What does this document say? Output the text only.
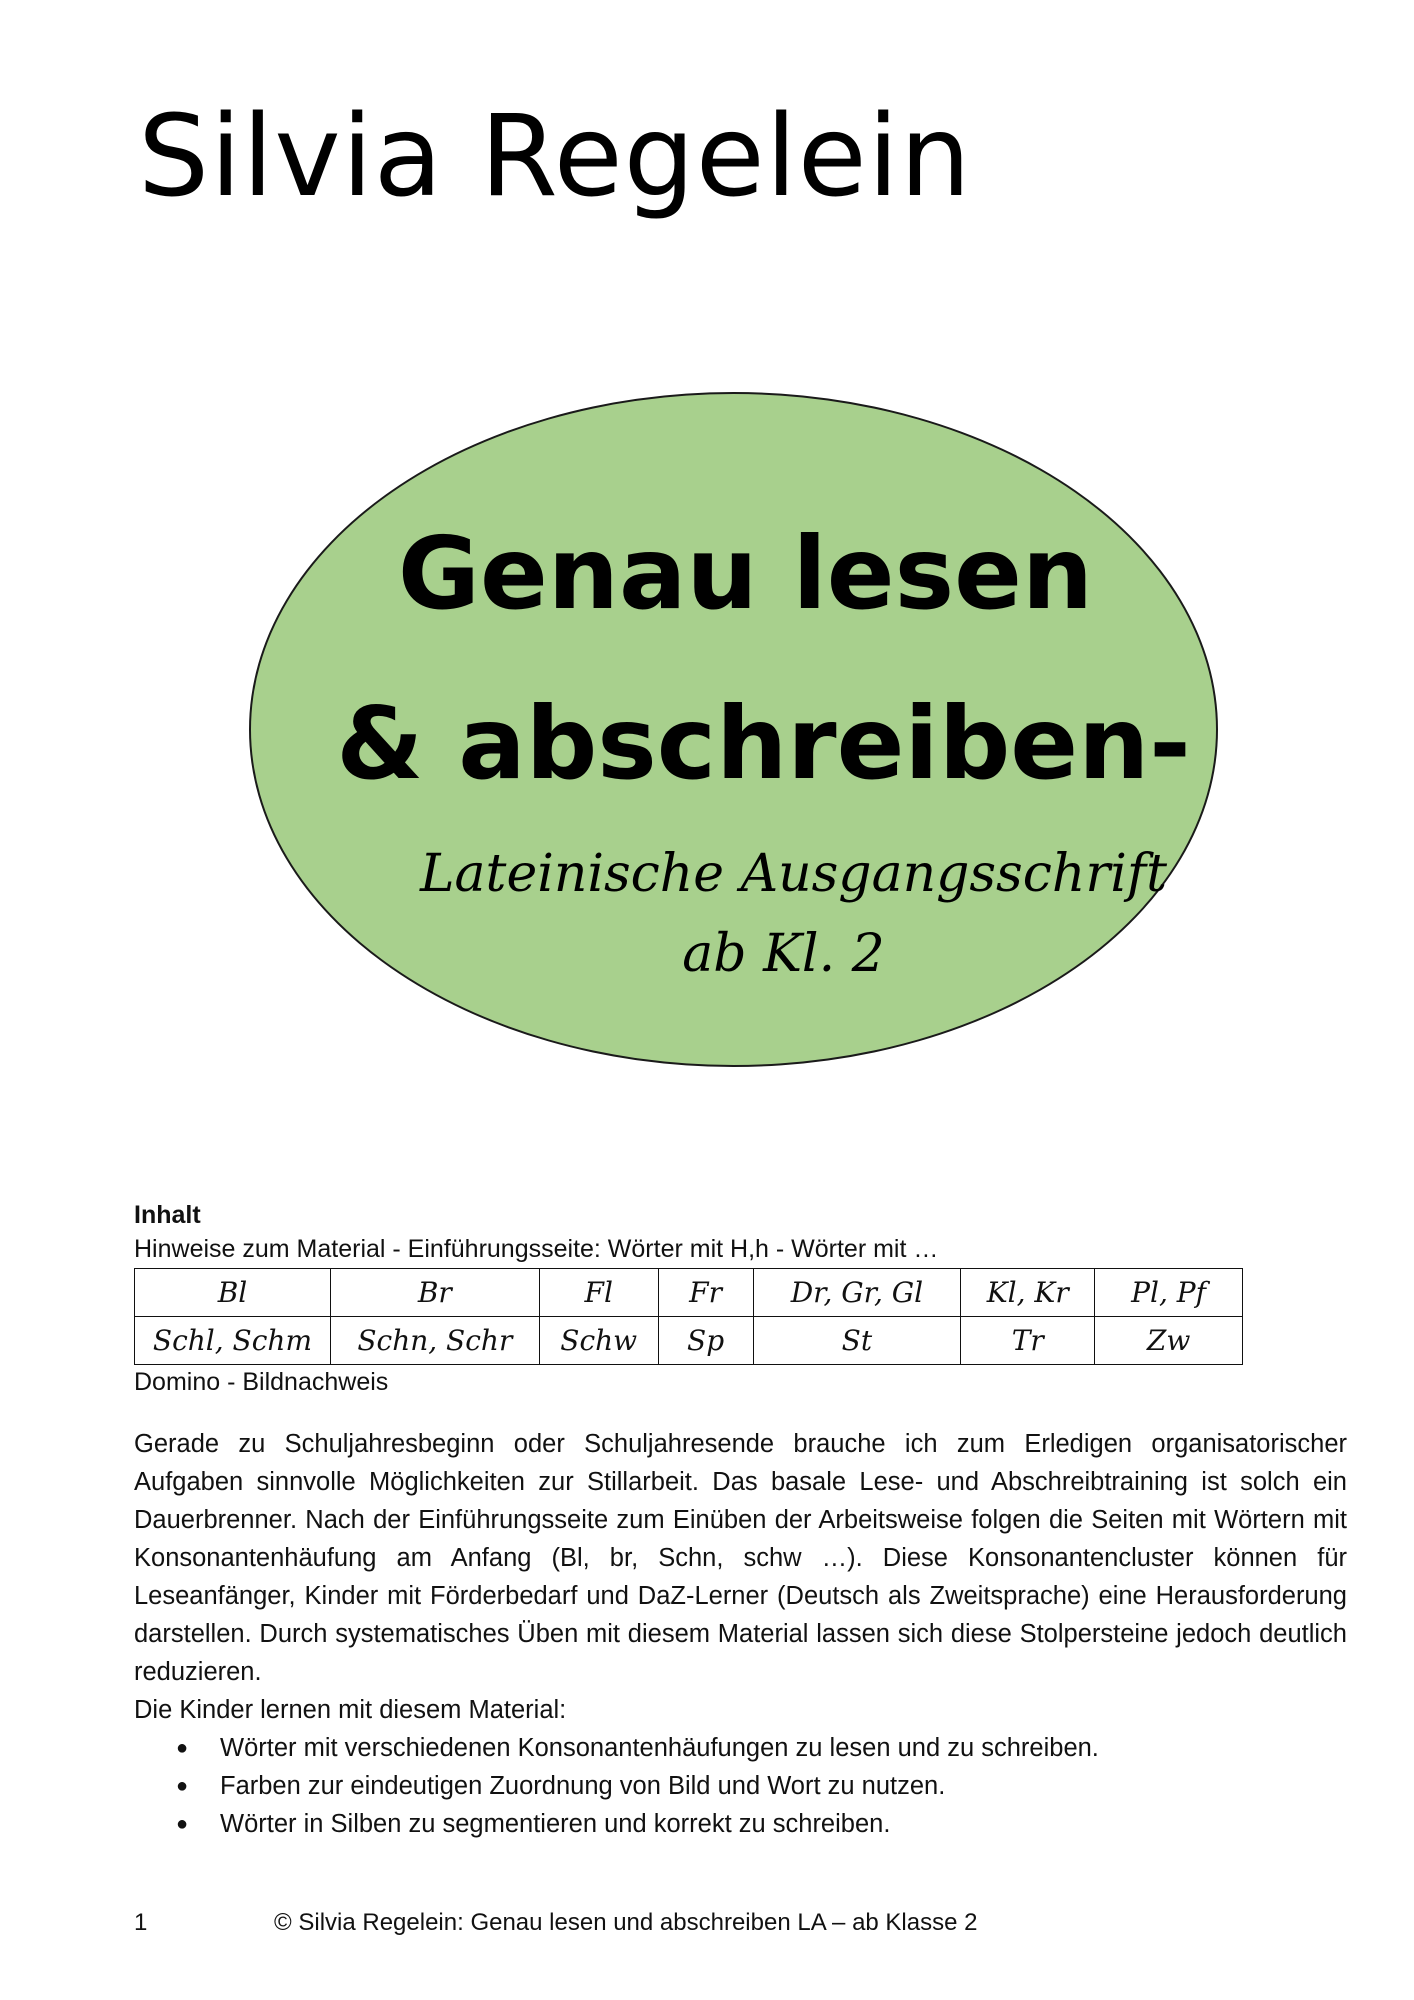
Silvia Regelein
Genau lesen
& abschreiben-
Lateinische Ausgangsschrift
ab Kl. 2

Inhalt

Hinweise zum Material - Einführungsseite: Wörter mit H,h - Wörter mit …

Bl	Br	Fl	Fr	Dr, Gr, Gl	Kl, Kr	Pl, Pf
Schl, Schm	Schn, Schr	Schw	Sp	St	Tr	Zw

Domino - Bildnachweis

Gerade zu Schuljahresbeginn oder Schuljahresende brauche ich zum Erledigen organisatorischer Aufgaben sinnvolle Möglichkeiten zur Stillarbeit. Das basale Lese- und Abschreibtraining ist solch ein Dauerbrenner. Nach der Einführungsseite zum Einüben der Arbeitsweise folgen die Seiten mit Wörtern mit Konsonantenhäufung am Anfang (Bl, br, Schn, schw …). Diese Konsonantencluster können für Leseanfänger, Kinder mit Förderbedarf und DaZ-Lerner (Deutsch als Zweitsprache) eine Herausforderung darstellen. Durch systematisches Üben mit diesem Material lassen sich diese Stolpersteine jedoch deutlich reduzieren.

Die Kinder lernen mit diesem Material:

● Wörter mit verschiedenen Konsonantenhäufungen zu lesen und zu schreiben.
● Farben zur eindeutigen Zuordnung von Bild und Wort zu nutzen.
● Wörter in Silben zu segmentieren und korrekt zu schreiben.
1	© Silvia Regelein: Genau lesen und abschreiben LA – ab Klasse 2
